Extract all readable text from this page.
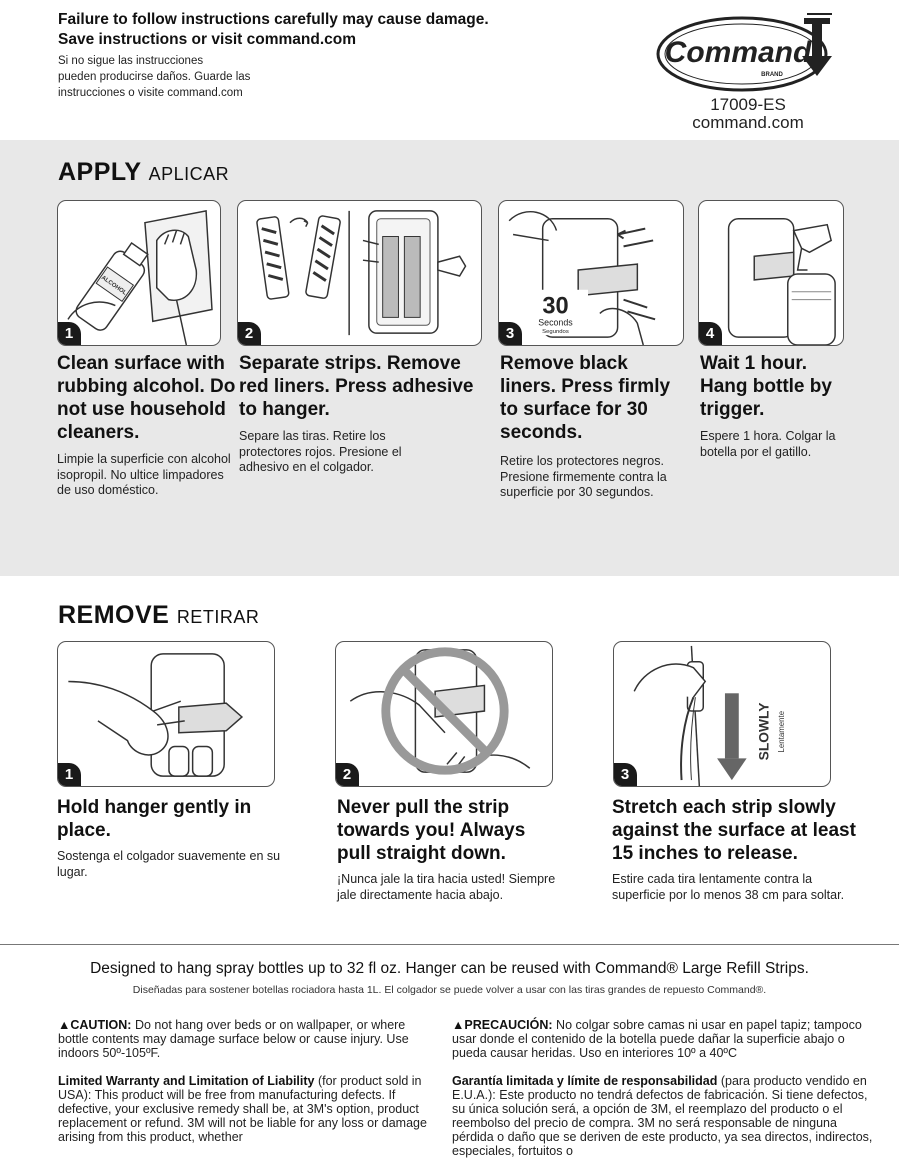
Failure to follow instructions carefully may cause damage.
Save instructions or visit command.com
Si no sigue las instrucciones
pueden producirse daños. Guarde las
instrucciones o visite command.com
Command
BRAND
17009-ES
command.com
APPLY APLICAR
ALCOHOL
1
Clean surface with rubbing alcohol. Do not use household cleaners.
Limpie la superficie con alcohol isopropil. No ultice limpadores de uso doméstico.
2
Separate strips. Remove red liners. Press adhesive to hanger.
Separe las tiras. Retire los protectores rojos. Presione el adhesivo en el colgador.
30
Seconds
Segundos
3
Remove black liners. Press firmly to surface for 30 seconds.
Retire los protectores negros. Presione firmemente contra la superficie por 30 segundos.
4
Wait 1 hour. Hang bottle by trigger.
Espere 1 hora. Colgar la botella por el gatillo.
REMOVE RETIRAR
1
Hold hanger gently in place.
Sostenga el colgador suavemente en su lugar.
2
Never pull the strip towards you! Always pull straight down.
¡Nunca jale la tira hacia usted! Siempre jale directamente hacia abajo.
SLOWLY Lentamente
3
Stretch each strip slowly against the surface at least 15 inches to release.
Estire cada tira lentamente contra la superficie por lo menos 38 cm para soltar.
Designed to hang spray bottles up to 32 fl oz. Hanger can be reused with Command® Large Refill Strips.
Diseñadas para sostener botellas rociadora hasta 1L. El colgador se puede volver a usar con las tiras grandes de repuesto Command®.
▲CAUTION: Do not hang over beds or on wallpaper, or where bottle contents may damage surface below or cause injury. Use indoors 50º-105ºF.
Limited Warranty and Limitation of Liability (for product sold in USA): This product will be free from manufacturing defects. If defective, your exclusive remedy shall be, at 3M's option, product replacement or refund. 3M will not be liable for any loss or damage arising from this product, whether
▲PRECAUCIÓN: No colgar sobre camas ni usar en papel tapiz; tampoco usar donde el contenido de la botella puede dañar la superficie abajo o pueda causar heridas. Uso en interiores 10º a 40ºC
Garantía limitada y límite de responsabilidad (para producto vendido en E.U.A.): Este producto no tendrá defectos de fabricación. Si tiene defectos, su única solución será, a opción de 3M, el reemplazo del producto o el reembolso del precio de compra. 3M no será responsable de ninguna pérdida o daño que se deriven de este producto, ya sea directos, indirectos, especiales, fortuitos o
